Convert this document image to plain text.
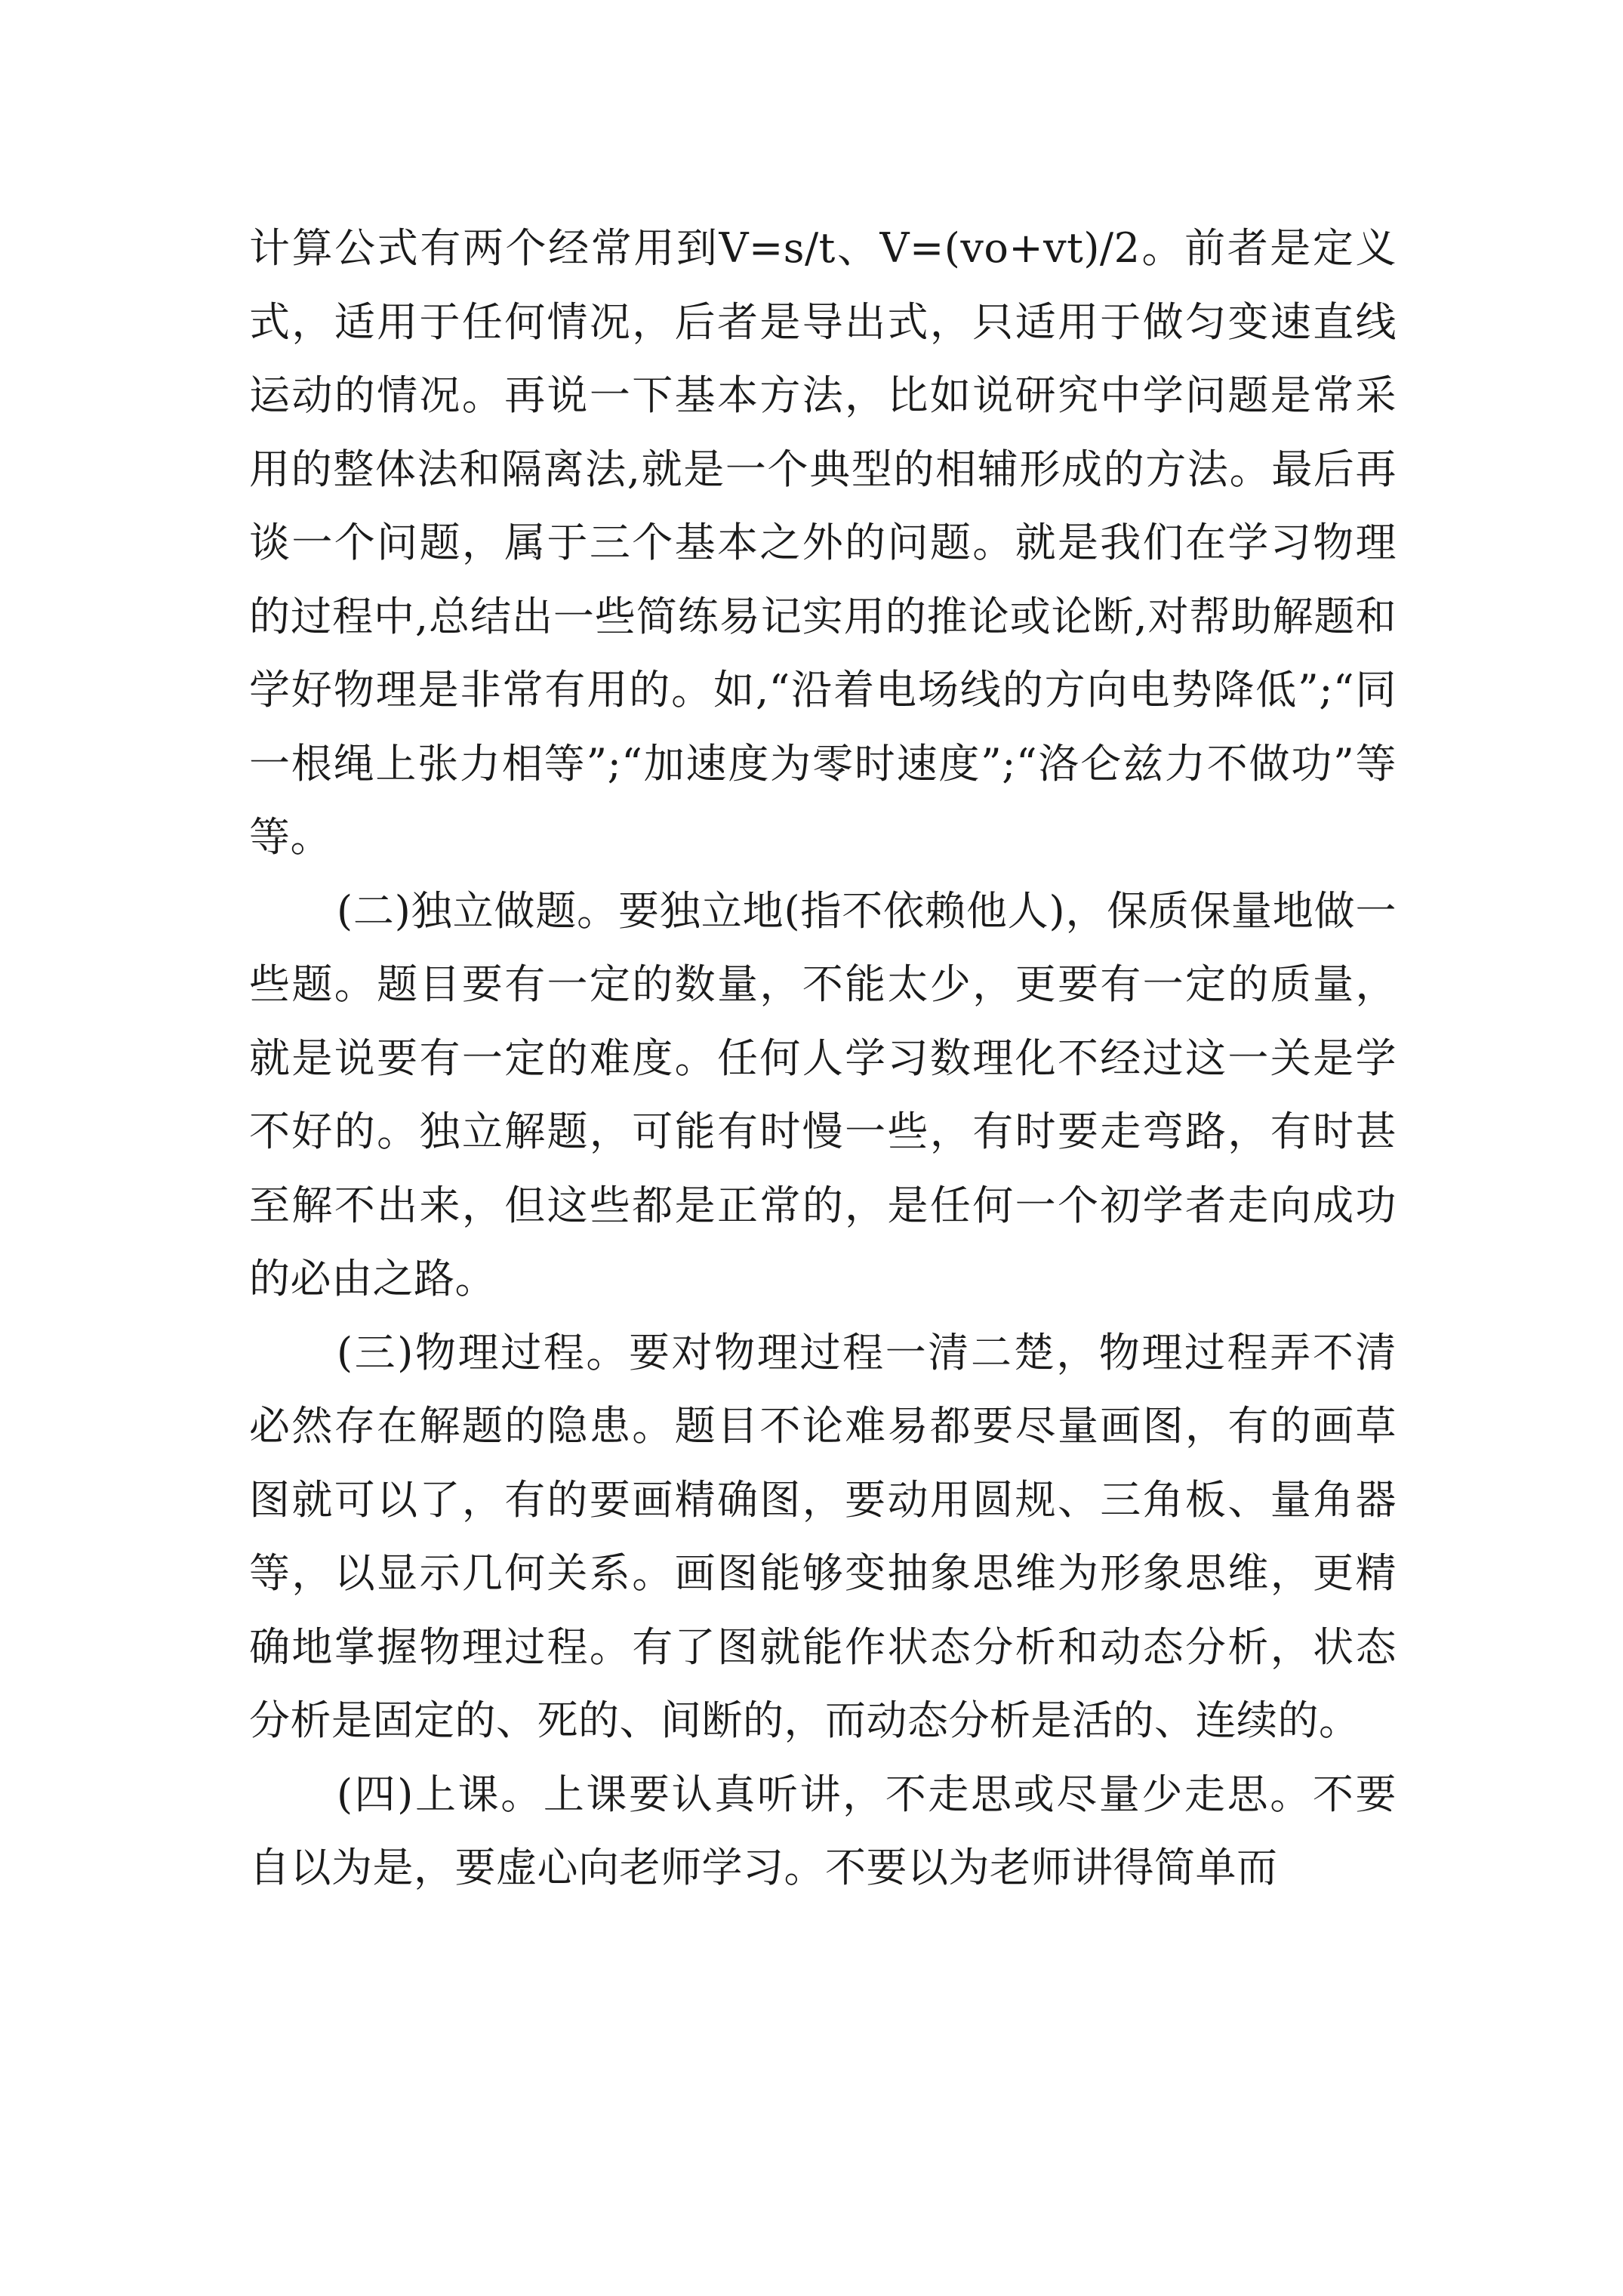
计算公式有两个经常用到V=s/t、V=(vo+vt)/2。前者是定义式，适用于任何情况，后者是导出式，只适用于做匀变速直线运动的情况。再说一下基本方法，比如说研究中学问题是常采用的整体法和隔离法,就是一个典型的相辅形成的方法。最后再谈一个问题，属于三个基本之外的问题。就是我们在学习物理的过程中,总结出一些简练易记实用的推论或论断,对帮助解题和学好物理是非常有用的。如,“沿着电场线的方向电势降低”;“同一根绳上张力相等”;“加速度为零时速度”;“洛仑兹力不做功”等等。

(二)独立做题。要独立地(指不依赖他人)，保质保量地做一些题。题目要有一定的数量，不能太少，更要有一定的质量，就是说要有一定的难度。任何人学习数理化不经过这一关是学不好的。独立解题，可能有时慢一些，有时要走弯路，有时甚至解不出来，但这些都是正常的，是任何一个初学者走向成功的必由之路。

(三)物理过程。要对物理过程一清二楚，物理过程弄不清必然存在解题的隐患。题目不论难易都要尽量画图，有的画草图就可以了，有的要画精确图，要动用圆规、三角板、量角器等，以显示几何关系。画图能够变抽象思维为形象思维，更精确地掌握物理过程。有了图就能作状态分析和动态分析，状态分析是固定的、死的、间断的，而动态分析是活的、连续的。

(四)上课。上课要认真听讲，不走思或尽量少走思。不要自以为是，要虚心向老师学习。不要以为老师讲得简单而
